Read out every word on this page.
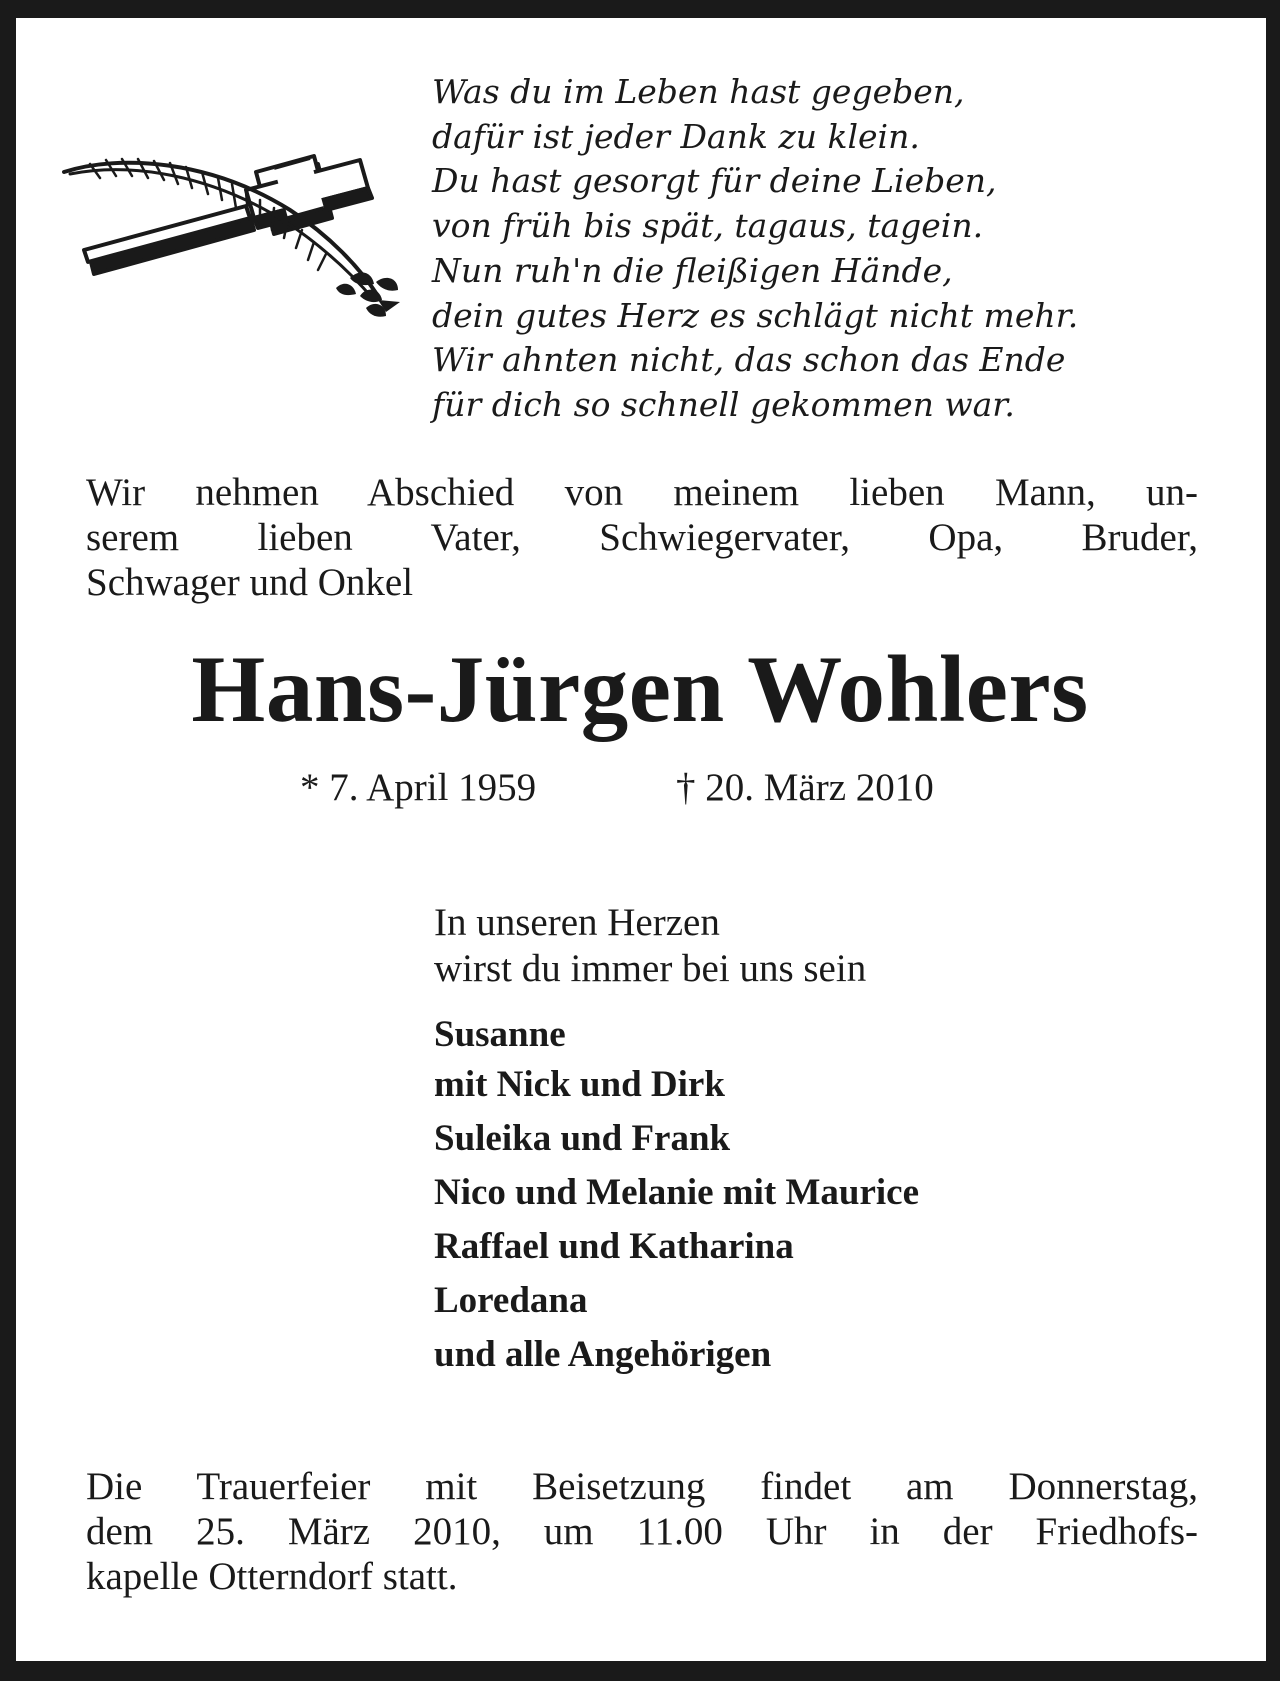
Was du im Leben hast gegeben,
dafür ist jeder Dank zu klein.
Du hast gesorgt für deine Lieben,
von früh bis spät, tagaus, tagein.
Nun ruh'n die fleißigen Hände,
dein gutes Herz es schlägt nicht mehr.
Wir ahnten nicht, das schon das Ende
für dich so schnell gekommen war.
Wir nehmen Abschied von meinem lieben Mann, un-
serem lieben Vater, Schwiegervater, Opa, Bruder,
Schwager und Onkel
Hans-Jürgen Wohlers
* 7. April 1959	† 20. März 2010
In unseren Herzen
wirst du immer bei uns sein
Susanne
mit Nick und Dirk
Suleika und Frank
Nico und Melanie mit Maurice
Raffael und Katharina
Loredana
und alle Angehörigen
Die Trauerfeier mit Beisetzung findet am Donnerstag,
dem 25. März 2010, um 11.00 Uhr in der Friedhofs-
kapelle Otterndorf statt.
